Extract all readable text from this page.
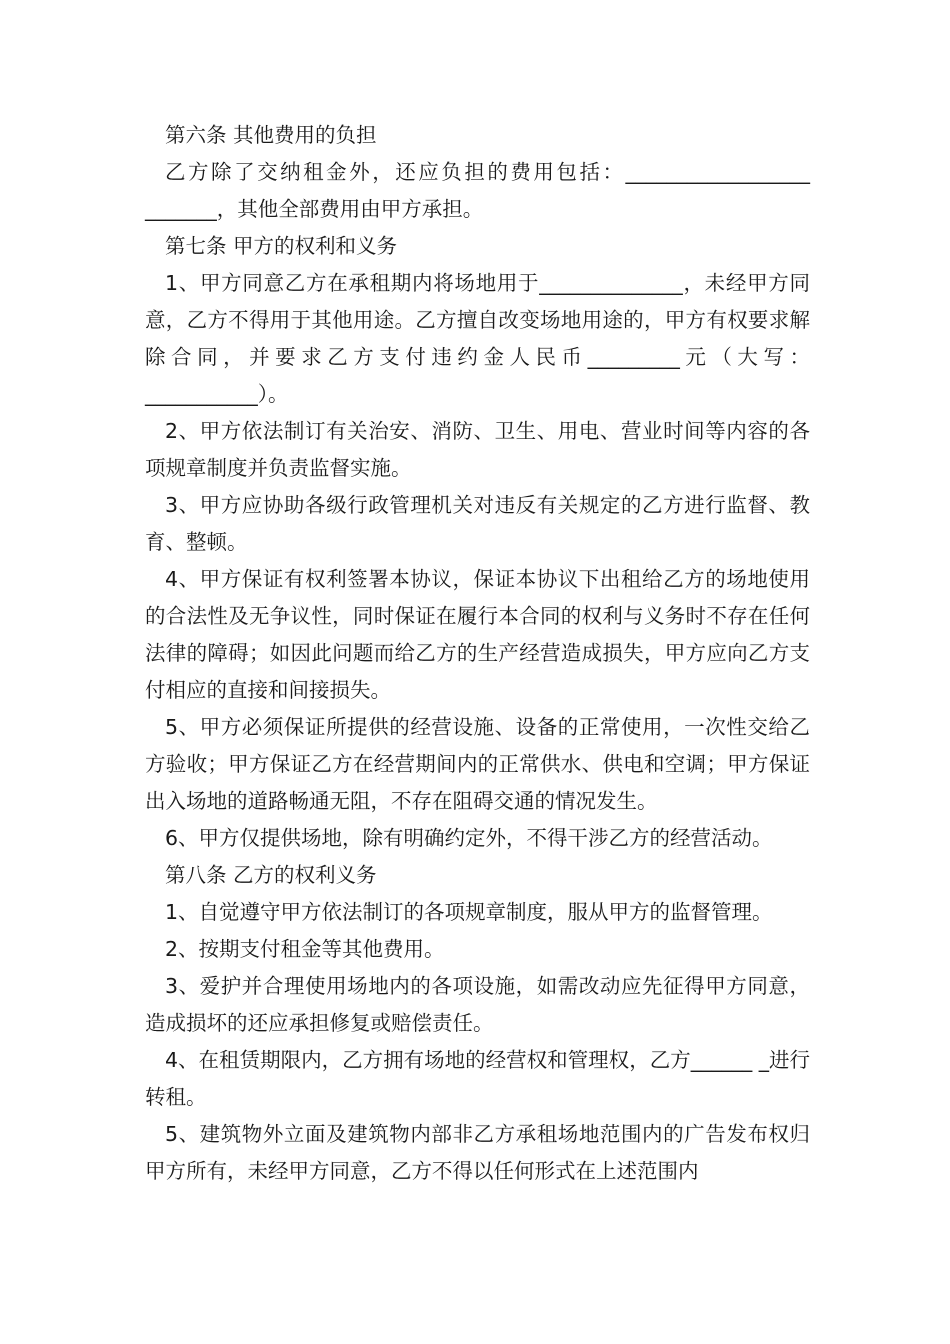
第六条 其他费用的负担

乙方除了交纳租金外，还应负担的费用包括：__________________ _______，其他全部费用由甲方承担。

第七条 甲方的权利和义务

1、甲方同意乙方在承租期内将场地用于______________，未经甲方同意，乙方不得用于其他用途。乙方擅自改变场地用途的，甲方有权要求解除合同，并要求乙方支付违约金人民币_________元（大写：___________）。

2、甲方依法制订有关治安、消防、卫生、用电、营业时间等内容的各项规章制度并负责监督实施。

3、甲方应协助各级行政管理机关对违反有关规定的乙方进行监督、教育、整顿。

4、甲方保证有权利签署本协议，保证本协议下出租给乙方的场地使用的合法性及无争议性，同时保证在履行本合同的权利与义务时不存在任何法律的障碍；如因此问题而给乙方的生产经营造成损失，甲方应向乙方支付相应的直接和间接损失。

5、甲方必须保证所提供的经营设施、设备的正常使用，一次性交给乙方验收；甲方保证乙方在经营期间内的正常供水、供电和空调；甲方保证出入场地的道路畅通无阻，不存在阻碍交通的情况发生。

6、甲方仅提供场地，除有明确约定外，不得干涉乙方的经营活动。

第八条 乙方的权利义务

1、自觉遵守甲方依法制订的各项规章制度，服从甲方的监督管理。

2、按期支付租金等其他费用。

3、爱护并合理使用场地内的各项设施，如需改动应先征得甲方同意，造成损坏的还应承担修复或赔偿责任。

4、在租赁期限内，乙方拥有场地的经营权和管理权，乙方______ _进行转租。

5、建筑物外立面及建筑物内部非乙方承租场地范围内的广告发布权归甲方所有，未经甲方同意，乙方不得以任何形式在上述范围内
